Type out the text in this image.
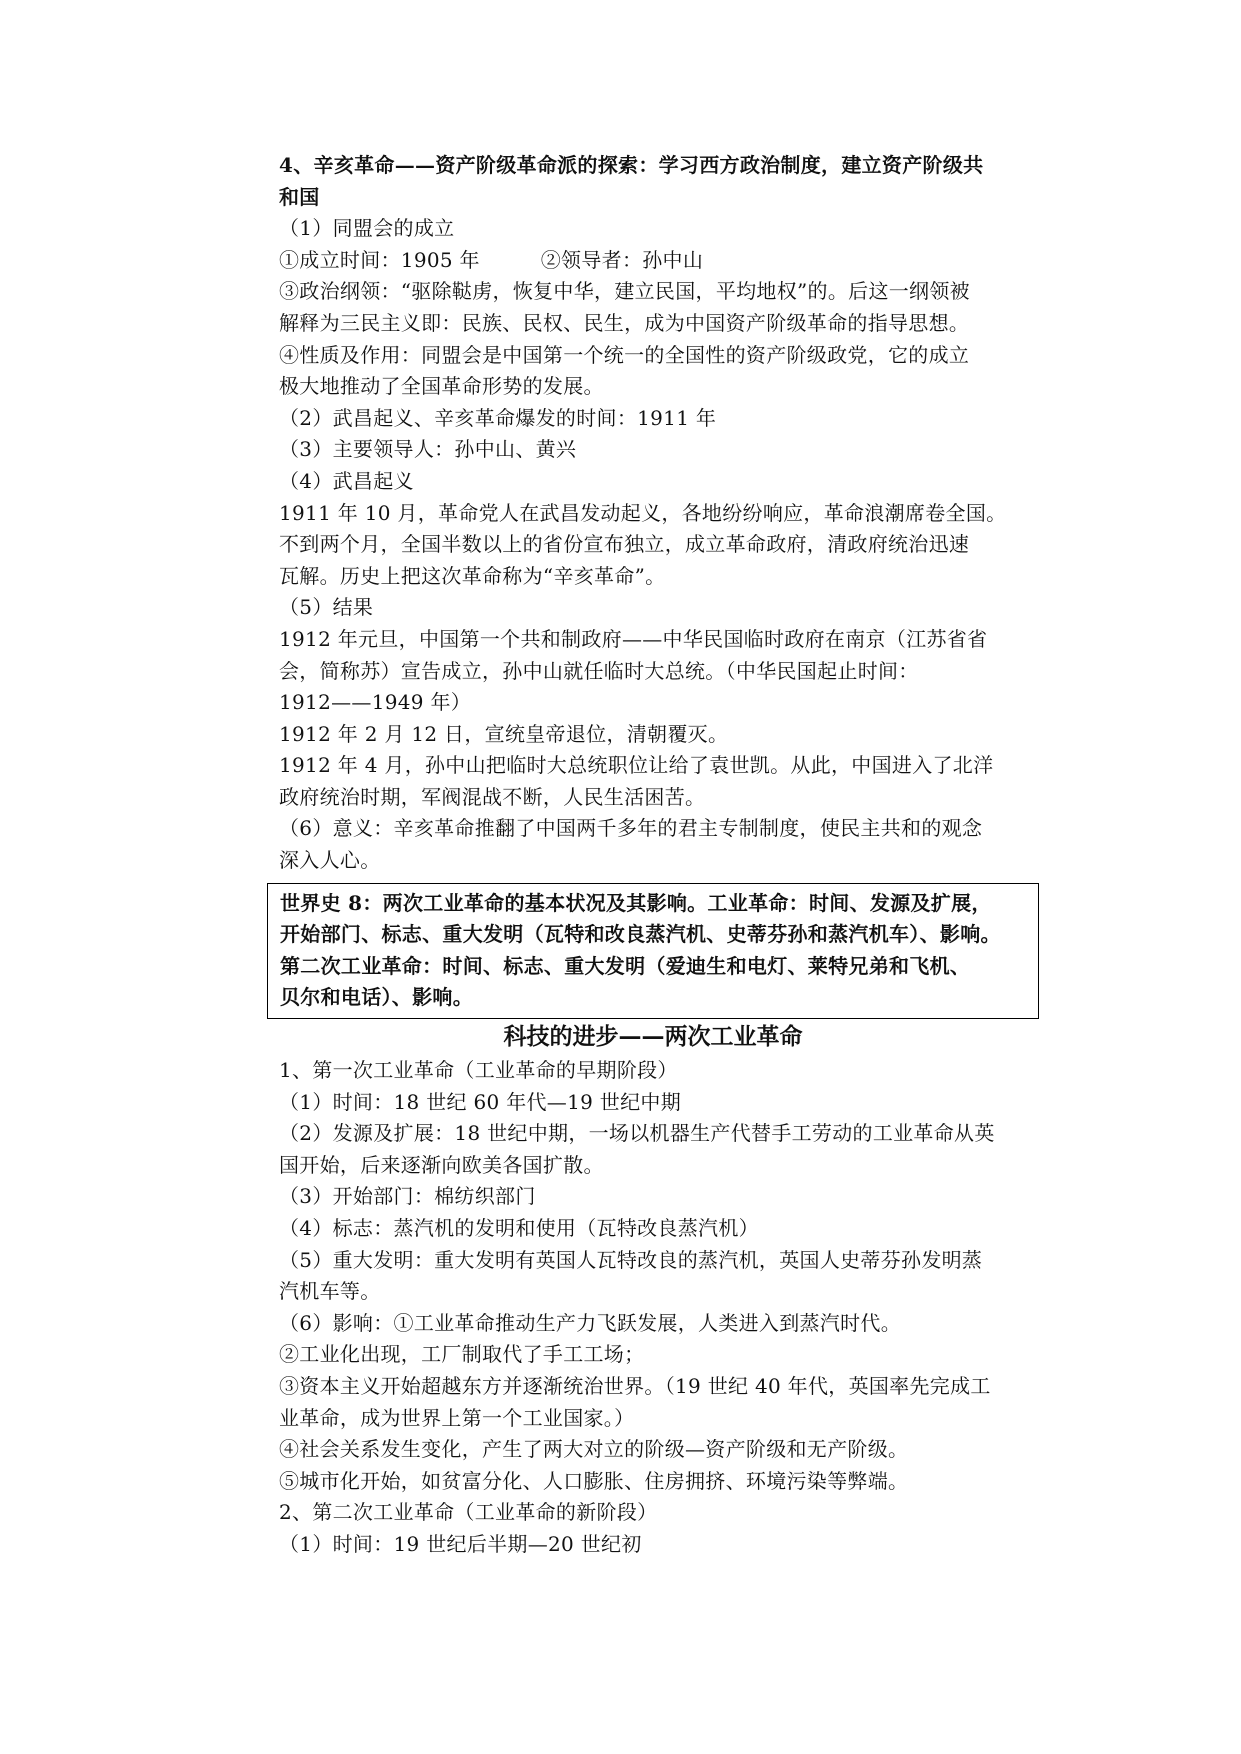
4、辛亥革命——资产阶级革命派的探索：学习西方政治制度，建立资产阶级共
和国
（1）同盟会的成立
①成立时间：1905 年　　　②领导者：孙中山
③政治纲领：“驱除鞑虏，恢复中华，建立民国，平均地权”的。后这一纲领被
解释为三民主义即：民族、民权、民生，成为中国资产阶级革命的指导思想。
④性质及作用：同盟会是中国第一个统一的全国性的资产阶级政党，它的成立
极大地推动了全国革命形势的发展。
（2）武昌起义、辛亥革命爆发的时间：1911 年
（3）主要领导人：孙中山、黄兴
（4）武昌起义
1911 年 10 月，革命党人在武昌发动起义，各地纷纷响应，革命浪潮席卷全国。
不到两个月，全国半数以上的省份宣布独立，成立革命政府，清政府统治迅速
瓦解。历史上把这次革命称为“辛亥革命”。
（5）结果
1912 年元旦，中国第一个共和制政府——中华民国临时政府在南京（江苏省省
会，简称苏）宣告成立，孙中山就任临时大总统。（中华民国起止时间：
1912——1949 年）
1912 年 2 月 12 日，宣统皇帝退位，清朝覆灭。
1912 年 4 月，孙中山把临时大总统职位让给了袁世凯。从此，中国进入了北洋
政府统治时期，军阀混战不断，人民生活困苦。
（6）意义：辛亥革命推翻了中国两千多年的君主专制制度，使民主共和的观念
深入人心。
世界史 8：两次工业革命的基本状况及其影响。工业革命：时间、发源及扩展，
开始部门、标志、重大发明（瓦特和改良蒸汽机、史蒂芬孙和蒸汽机车）、影响。
第二次工业革命：时间、标志、重大发明（爱迪生和电灯、莱特兄弟和飞机、
贝尔和电话）、影响。
科技的进步——两次工业革命
1、第一次工业革命（工业革命的早期阶段）
（1）时间：18 世纪 60 年代—19 世纪中期
（2）发源及扩展：18 世纪中期，一场以机器生产代替手工劳动的工业革命从英
国开始，后来逐渐向欧美各国扩散。
（3）开始部门：棉纺织部门
（4）标志：蒸汽机的发明和使用（瓦特改良蒸汽机）
（5）重大发明：重大发明有英国人瓦特改良的蒸汽机，英国人史蒂芬孙发明蒸
汽机车等。
（6）影响：①工业革命推动生产力飞跃发展，人类进入到蒸汽时代。
②工业化出现，工厂制取代了手工工场；
③资本主义开始超越东方并逐渐统治世界。（19 世纪 40 年代，英国率先完成工
业革命，成为世界上第一个工业国家。）
④社会关系发生变化，产生了两大对立的阶级—资产阶级和无产阶级。
⑤城市化开始，如贫富分化、人口膨胀、住房拥挤、环境污染等弊端。
2、第二次工业革命（工业革命的新阶段）
（1）时间：19 世纪后半期—20 世纪初
